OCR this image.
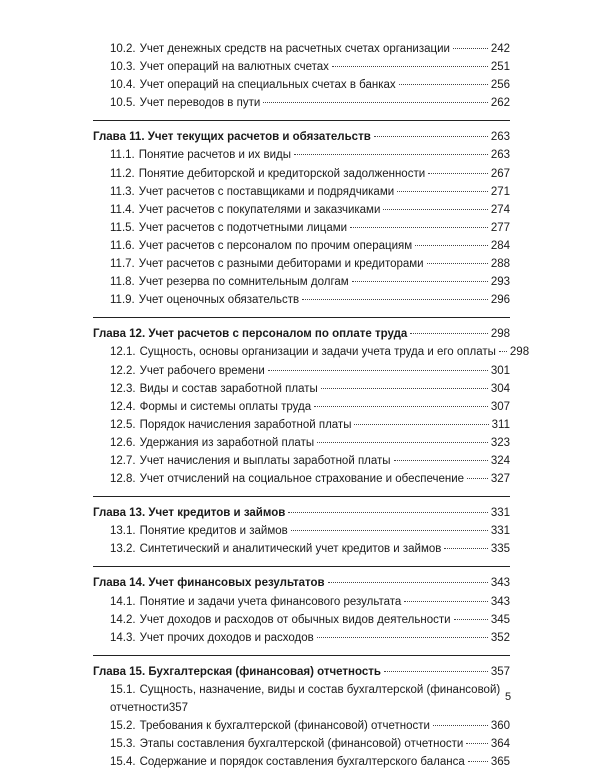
10.2. Учет денежных средств на расчетных счетах организации	242
10.3. Учет операций на валютных счетах	251
10.4. Учет операций на специальных счетах в банках	256
10.5. Учет переводов в пути	262
Глава 11. Учет текущих расчетов и обязательств	263
11.1. Понятие расчетов и их виды	263
11.2. Понятие дебиторской и кредиторской задолженности	267
11.3. Учет расчетов с поставщиками и подрядчиками	271
11.4. Учет расчетов с покупателями и заказчиками	274
11.5. Учет расчетов с подотчетными лицами	277
11.6. Учет расчетов с персоналом по прочим операциям	284
11.7. Учет расчетов с разными дебиторами и кредиторами	288
11.8. Учет резерва по сомнительным долгам	293
11.9. Учет оценочных обязательств	296
Глава 12. Учет расчетов с персоналом по оплате труда	298
12.1. Сущность, основы организации и задачи учета труда и его оплаты 298
12.2. Учет рабочего времени	301
12.3. Виды и состав заработной платы	304
12.4. Формы и системы оплаты труда	307
12.5. Порядок начисления заработной платы	311
12.6. Удержания из заработной платы	323
12.7. Учет начисления и выплаты заработной платы	324
12.8. Учет отчислений на социальное страхование и обеспечение 327
Глава 13. Учет кредитов и займов	331
13.1. Понятие кредитов и займов	331
13.2. Синтетический и аналитический учет кредитов и займов	335
Глава 14. Учет финансовых результатов	343
14.1. Понятие и задачи учета финансового результата	343
14.2. Учет доходов и расходов от обычных видов деятельности	345
14.3. Учет прочих доходов и расходов	352
Глава 15. Бухгалтерская (финансовая) отчетность	357
15.1. Сущность, назначение, виды и состав бухгалтерской (финансовой)
отчетности 357
15.2. Требования к бухгалтерской (финансовой) отчетности	360
15.3. Этапы составления бухгалтерской (финансовой) отчетности 364
15.4. Содержание и порядок составления бухгалтерского баланса 365
5
